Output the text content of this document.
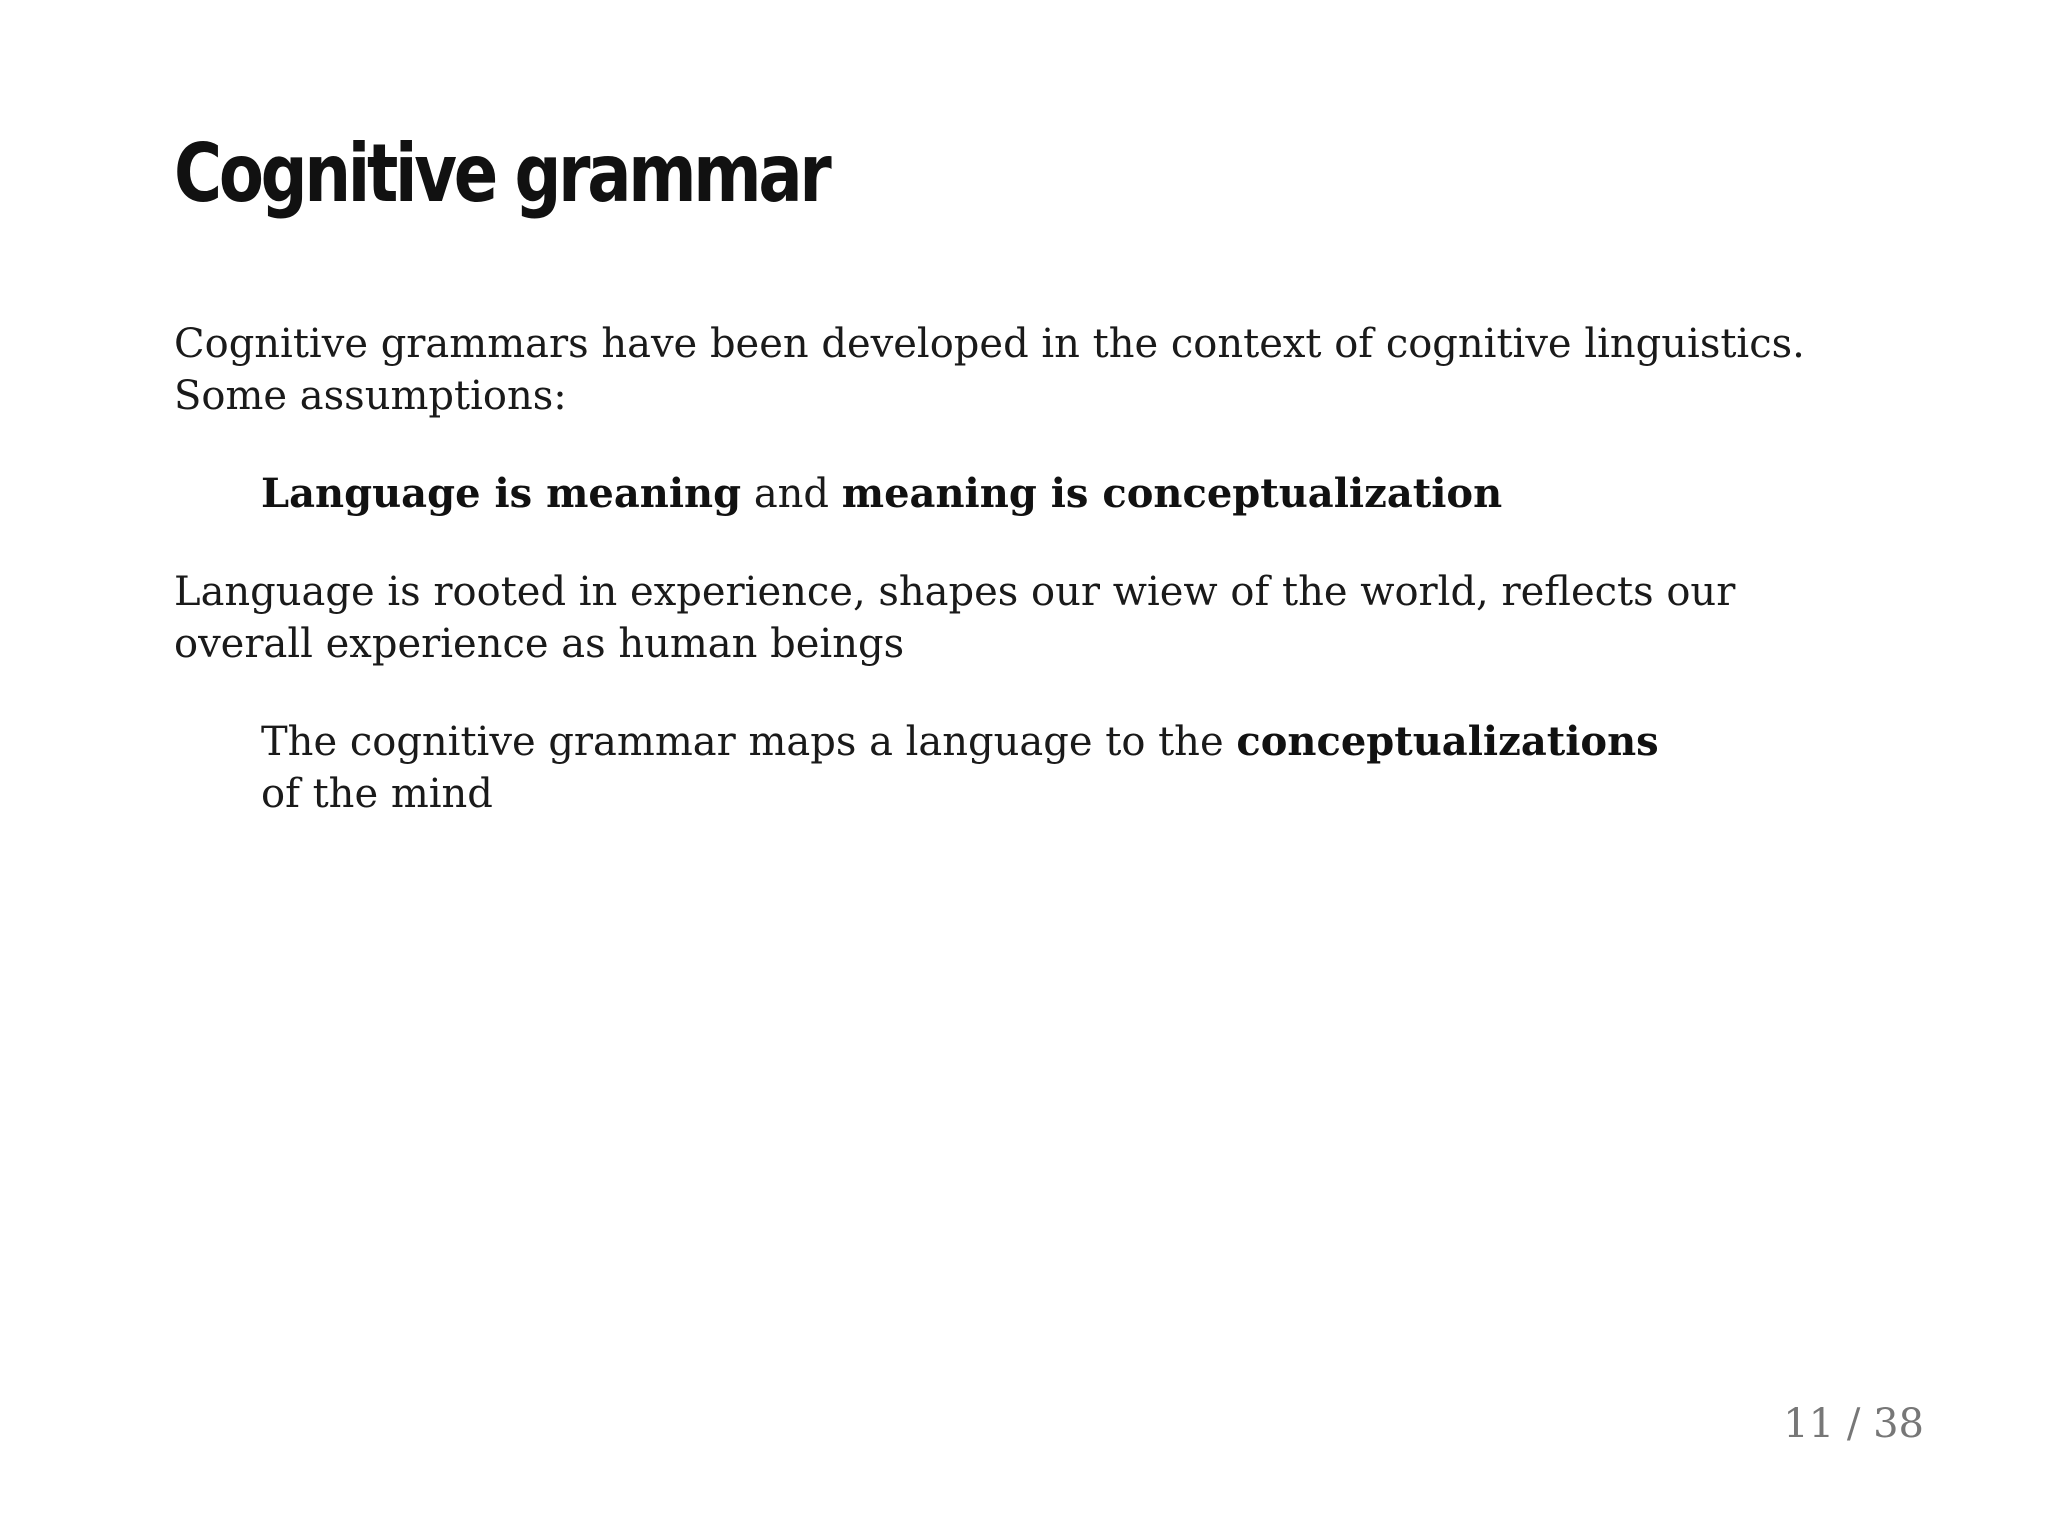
Cognitive grammar

Cognitive grammars have been developed in the context of cognitive linguistics. Some assumptions:

Language is meaning and meaning is conceptualization

Language is rooted in experience, shapes our wiew of the world, reflects our overall experience as human beings

The cognitive grammar maps a language to the conceptualizations
of the mind

11 / 38
